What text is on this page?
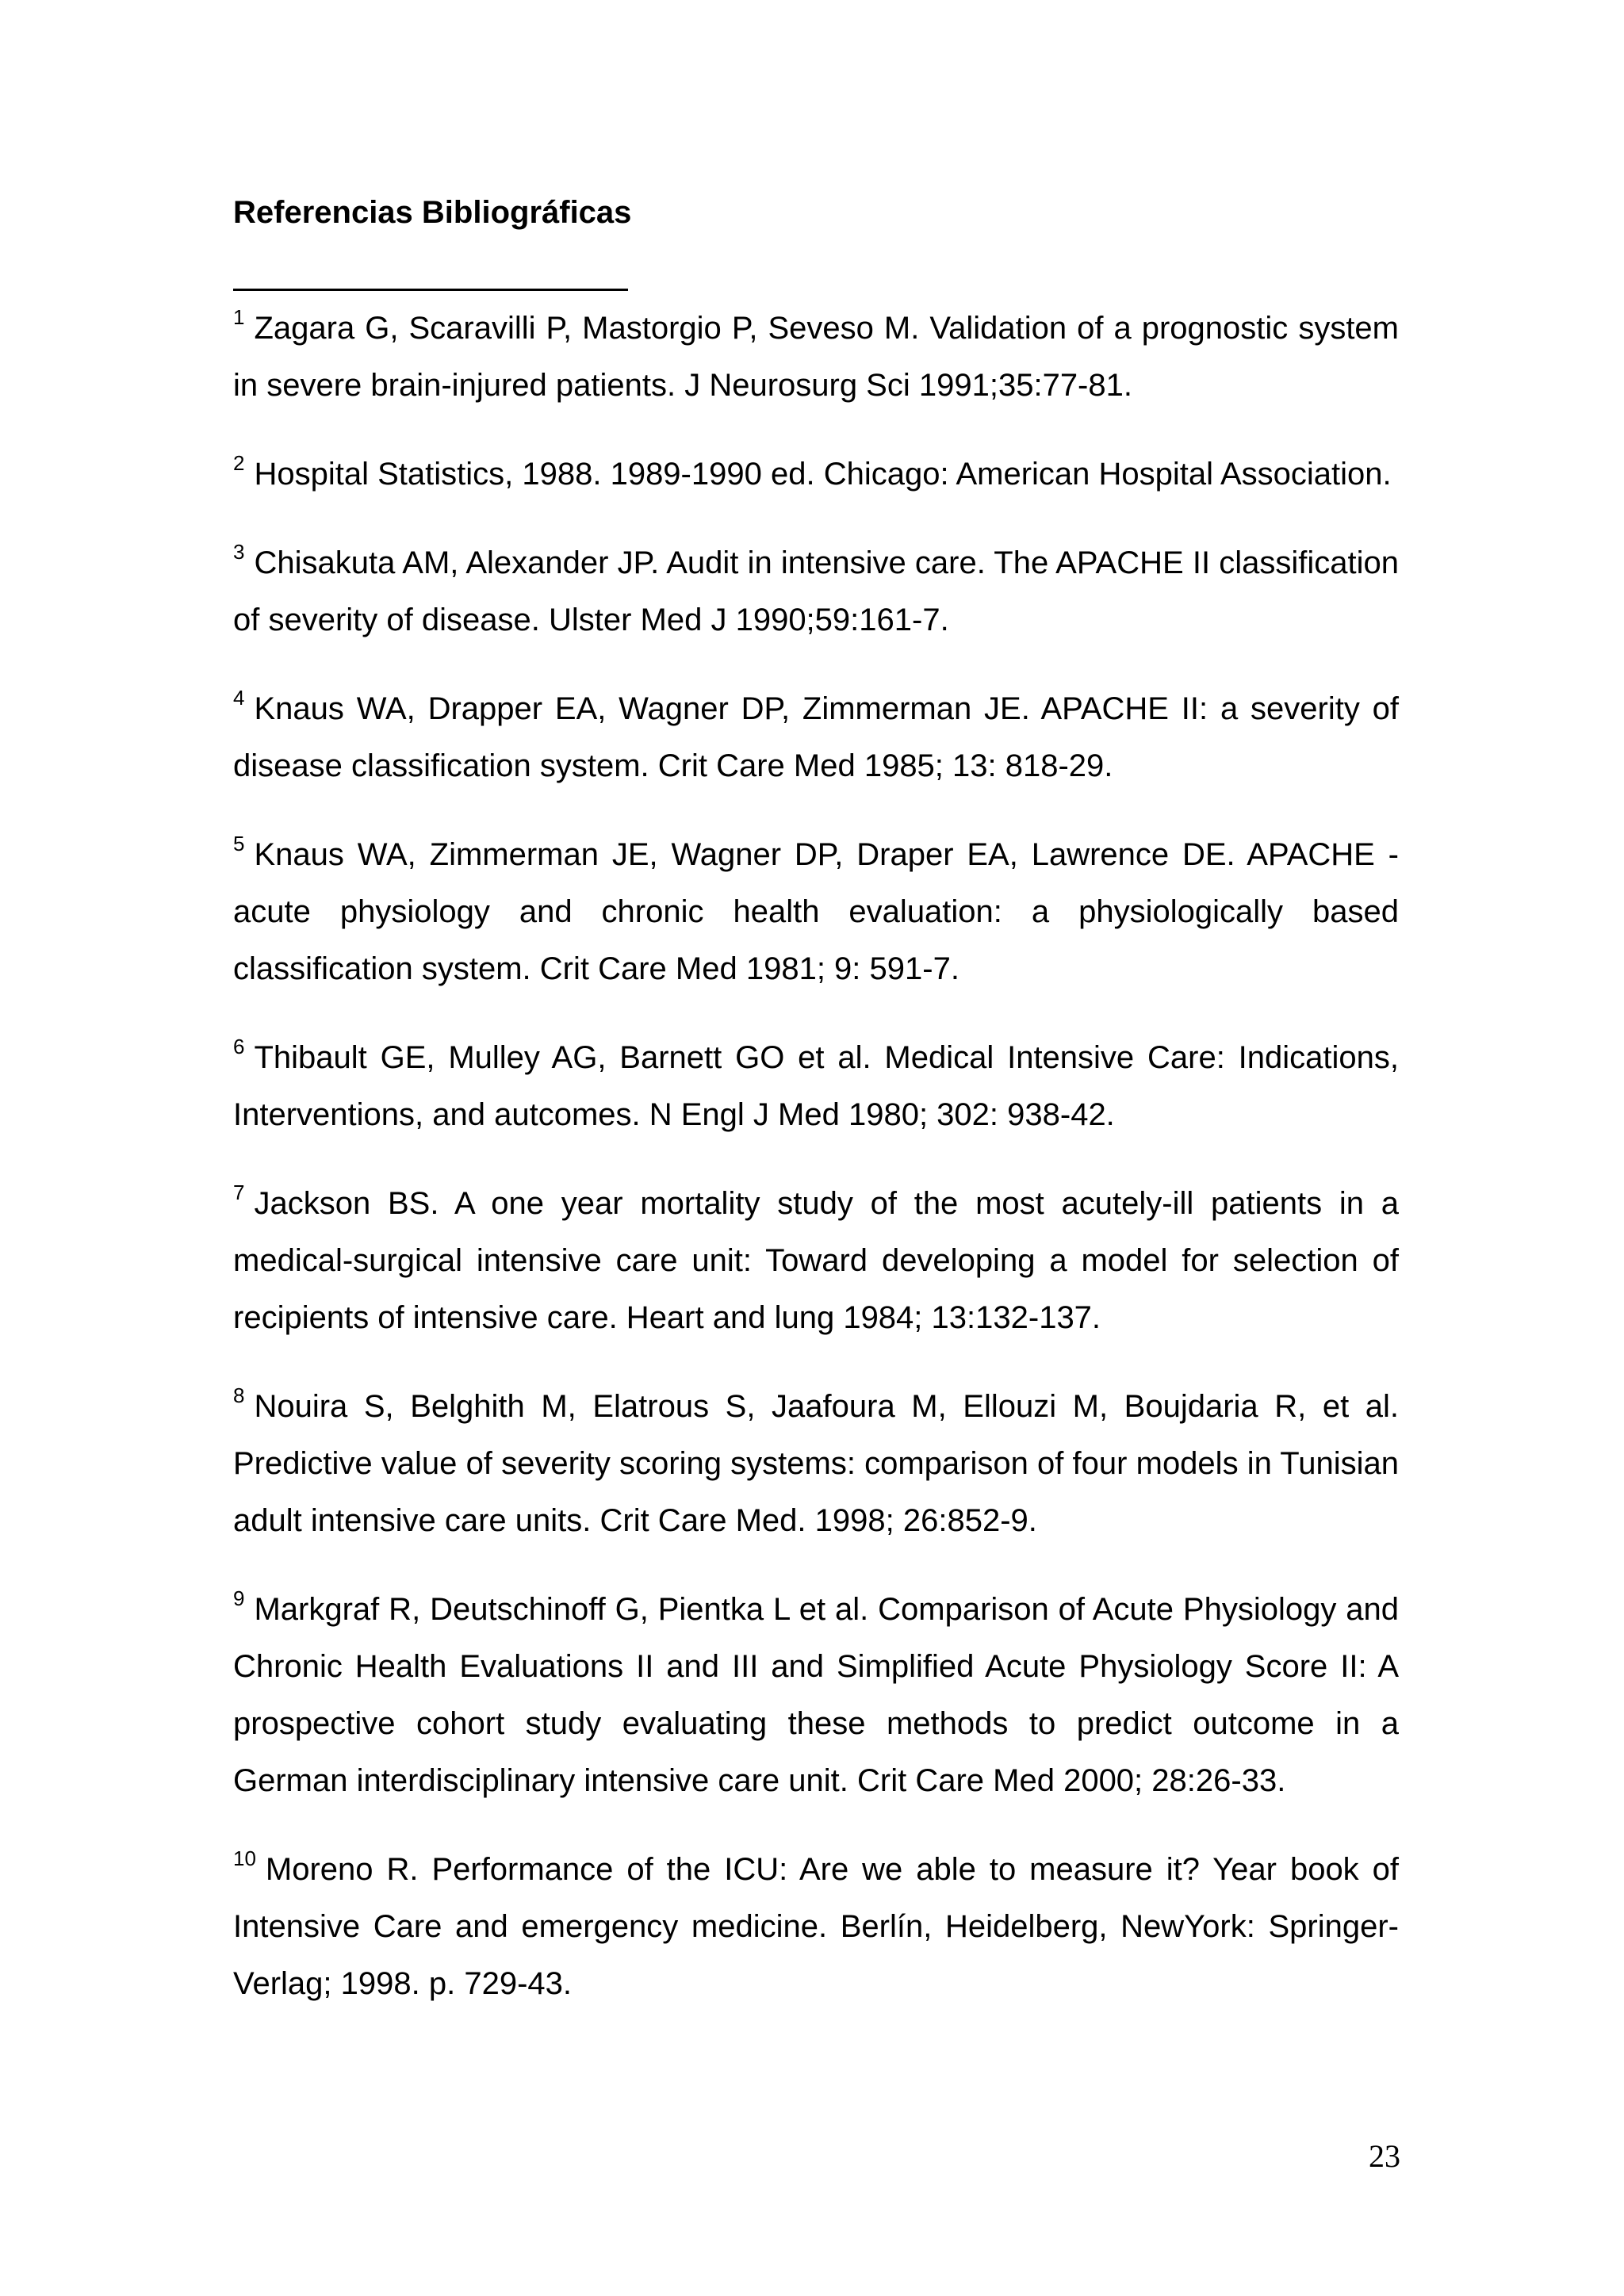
Referencias Bibliográficas
$^1$ Zagara G, Scaravilli P, Mastorgio P, Seveso M. Validation of a prognostic system in severe brain-injured patients. J Neurosurg Sci 1991;35:77-81.
$^2$ Hospital Statistics, 1988. 1989-1990 ed. Chicago: American Hospital Association.
$^3$ Chisakuta AM, Alexander JP. Audit in intensive care. The APACHE II classification of severity of disease. Ulster Med J 1990;59:161-7.
$^4$ Knaus WA, Drapper EA, Wagner DP, Zimmerman JE. APACHE II: a severity of disease classification system. Crit Care Med 1985; 13: 818-29.
$^5$ Knaus WA, Zimmerman JE, Wagner DP, Draper EA, Lawrence DE. APACHE - acute physiology and chronic health evaluation: a physiologically based classification system. Crit Care Med 1981; 9: 591-7.
$^6$ Thibault GE, Mulley AG, Barnett GO et al. Medical Intensive Care: Indications, Interventions, and autcomes. N Engl J Med 1980; 302: 938-42.
$^7$ Jackson BS. A one year mortality study of the most acutely-ill patients in a medical-surgical intensive care unit: Toward developing a model for selection of recipients of intensive care. Heart and lung 1984; 13:132-137.
$^8$ Nouira S, Belghith M, Elatrous S, Jaafoura M, Ellouzi M, Boujdaria R, et al. Predictive value of severity scoring systems: comparison of four models in Tunisian adult intensive care units. Crit Care Med. 1998; 26:852-9.
$^9$ Markgraf R, Deutschinoff G, Pientka L et al. Comparison of Acute Physiology and Chronic Health Evaluations II and III and Simplified Acute Physiology Score II: A prospective cohort study evaluating these methods to predict outcome in a German interdisciplinary intensive care unit. Crit Care Med 2000; 28:26-33.
$^{10}$ Moreno R. Performance of the ICU: Are we able to measure it? Year book of Intensive Care and emergency medicine. Berlín, Heidelberg, NewYork: Springer-Verlag; 1998. p. 729-43.

23
